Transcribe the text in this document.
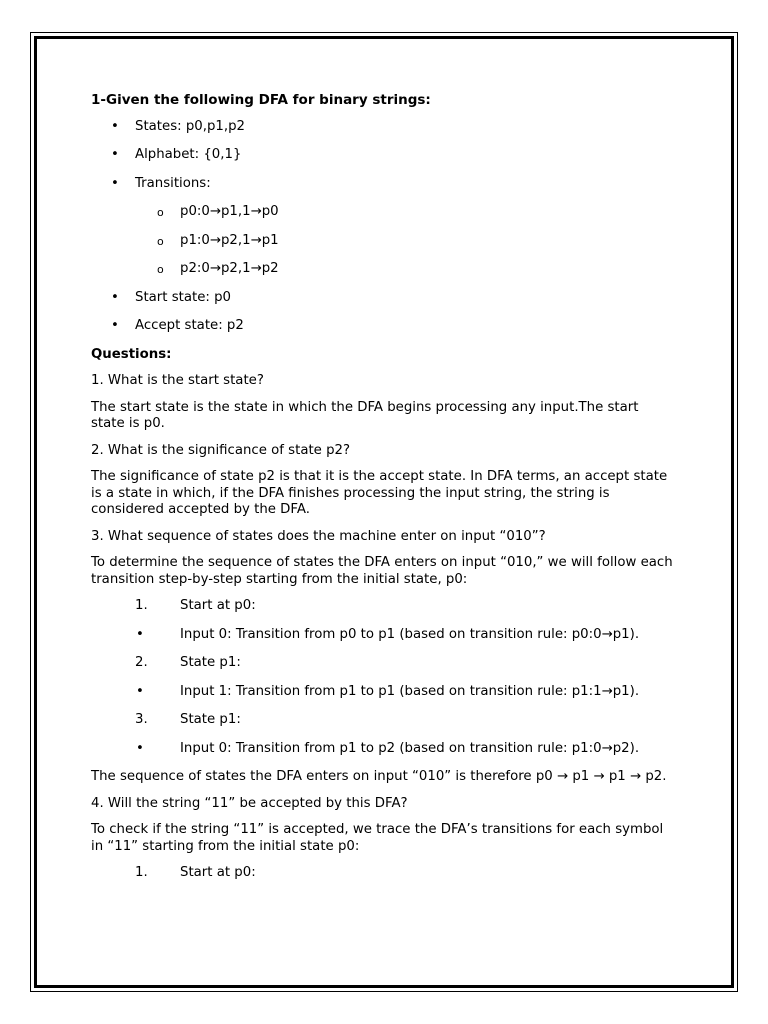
1-Given the following DFA for binary strings:
• States: p0,p1,p2
• Alphabet: {0,1}
• Transitions:
o p0:0→p1,1→p0
o p1:0→p2,1→p1
o p2:0→p2,1→p2
• Start state: p0
• Accept state: p2
Questions:
1. What is the start state?
The start state is the state in which the DFA begins processing any input.The start state is p0.
2. What is the significance of state p2?
The significance of state p2 is that it is the accept state. In DFA terms, an accept state is a state in which, if the DFA finishes processing the input string, the string is considered accepted by the DFA.
3. What sequence of states does the machine enter on input “010”?
To determine the sequence of states the DFA enters on input “010,” we will follow each transition step-by-step starting from the initial state, p0:
1. Start at p0:
•	Input 0: Transition from p0 to p1 (based on transition rule: p0:0→p1).
2. State p1:
•	Input 1: Transition from p1 to p1 (based on transition rule: p1:1→p1).
3. State p1:
•	Input 0: Transition from p1 to p2 (based on transition rule: p1:0→p2).
The sequence of states the DFA enters on input “010” is therefore p0 → p1 → p1 → p2.
4. Will the string “11” be accepted by this DFA?
To check if the string “11” is accepted, we trace the DFA’s transitions for each symbol in “11” starting from the initial state p0:
1. Start at p0:
